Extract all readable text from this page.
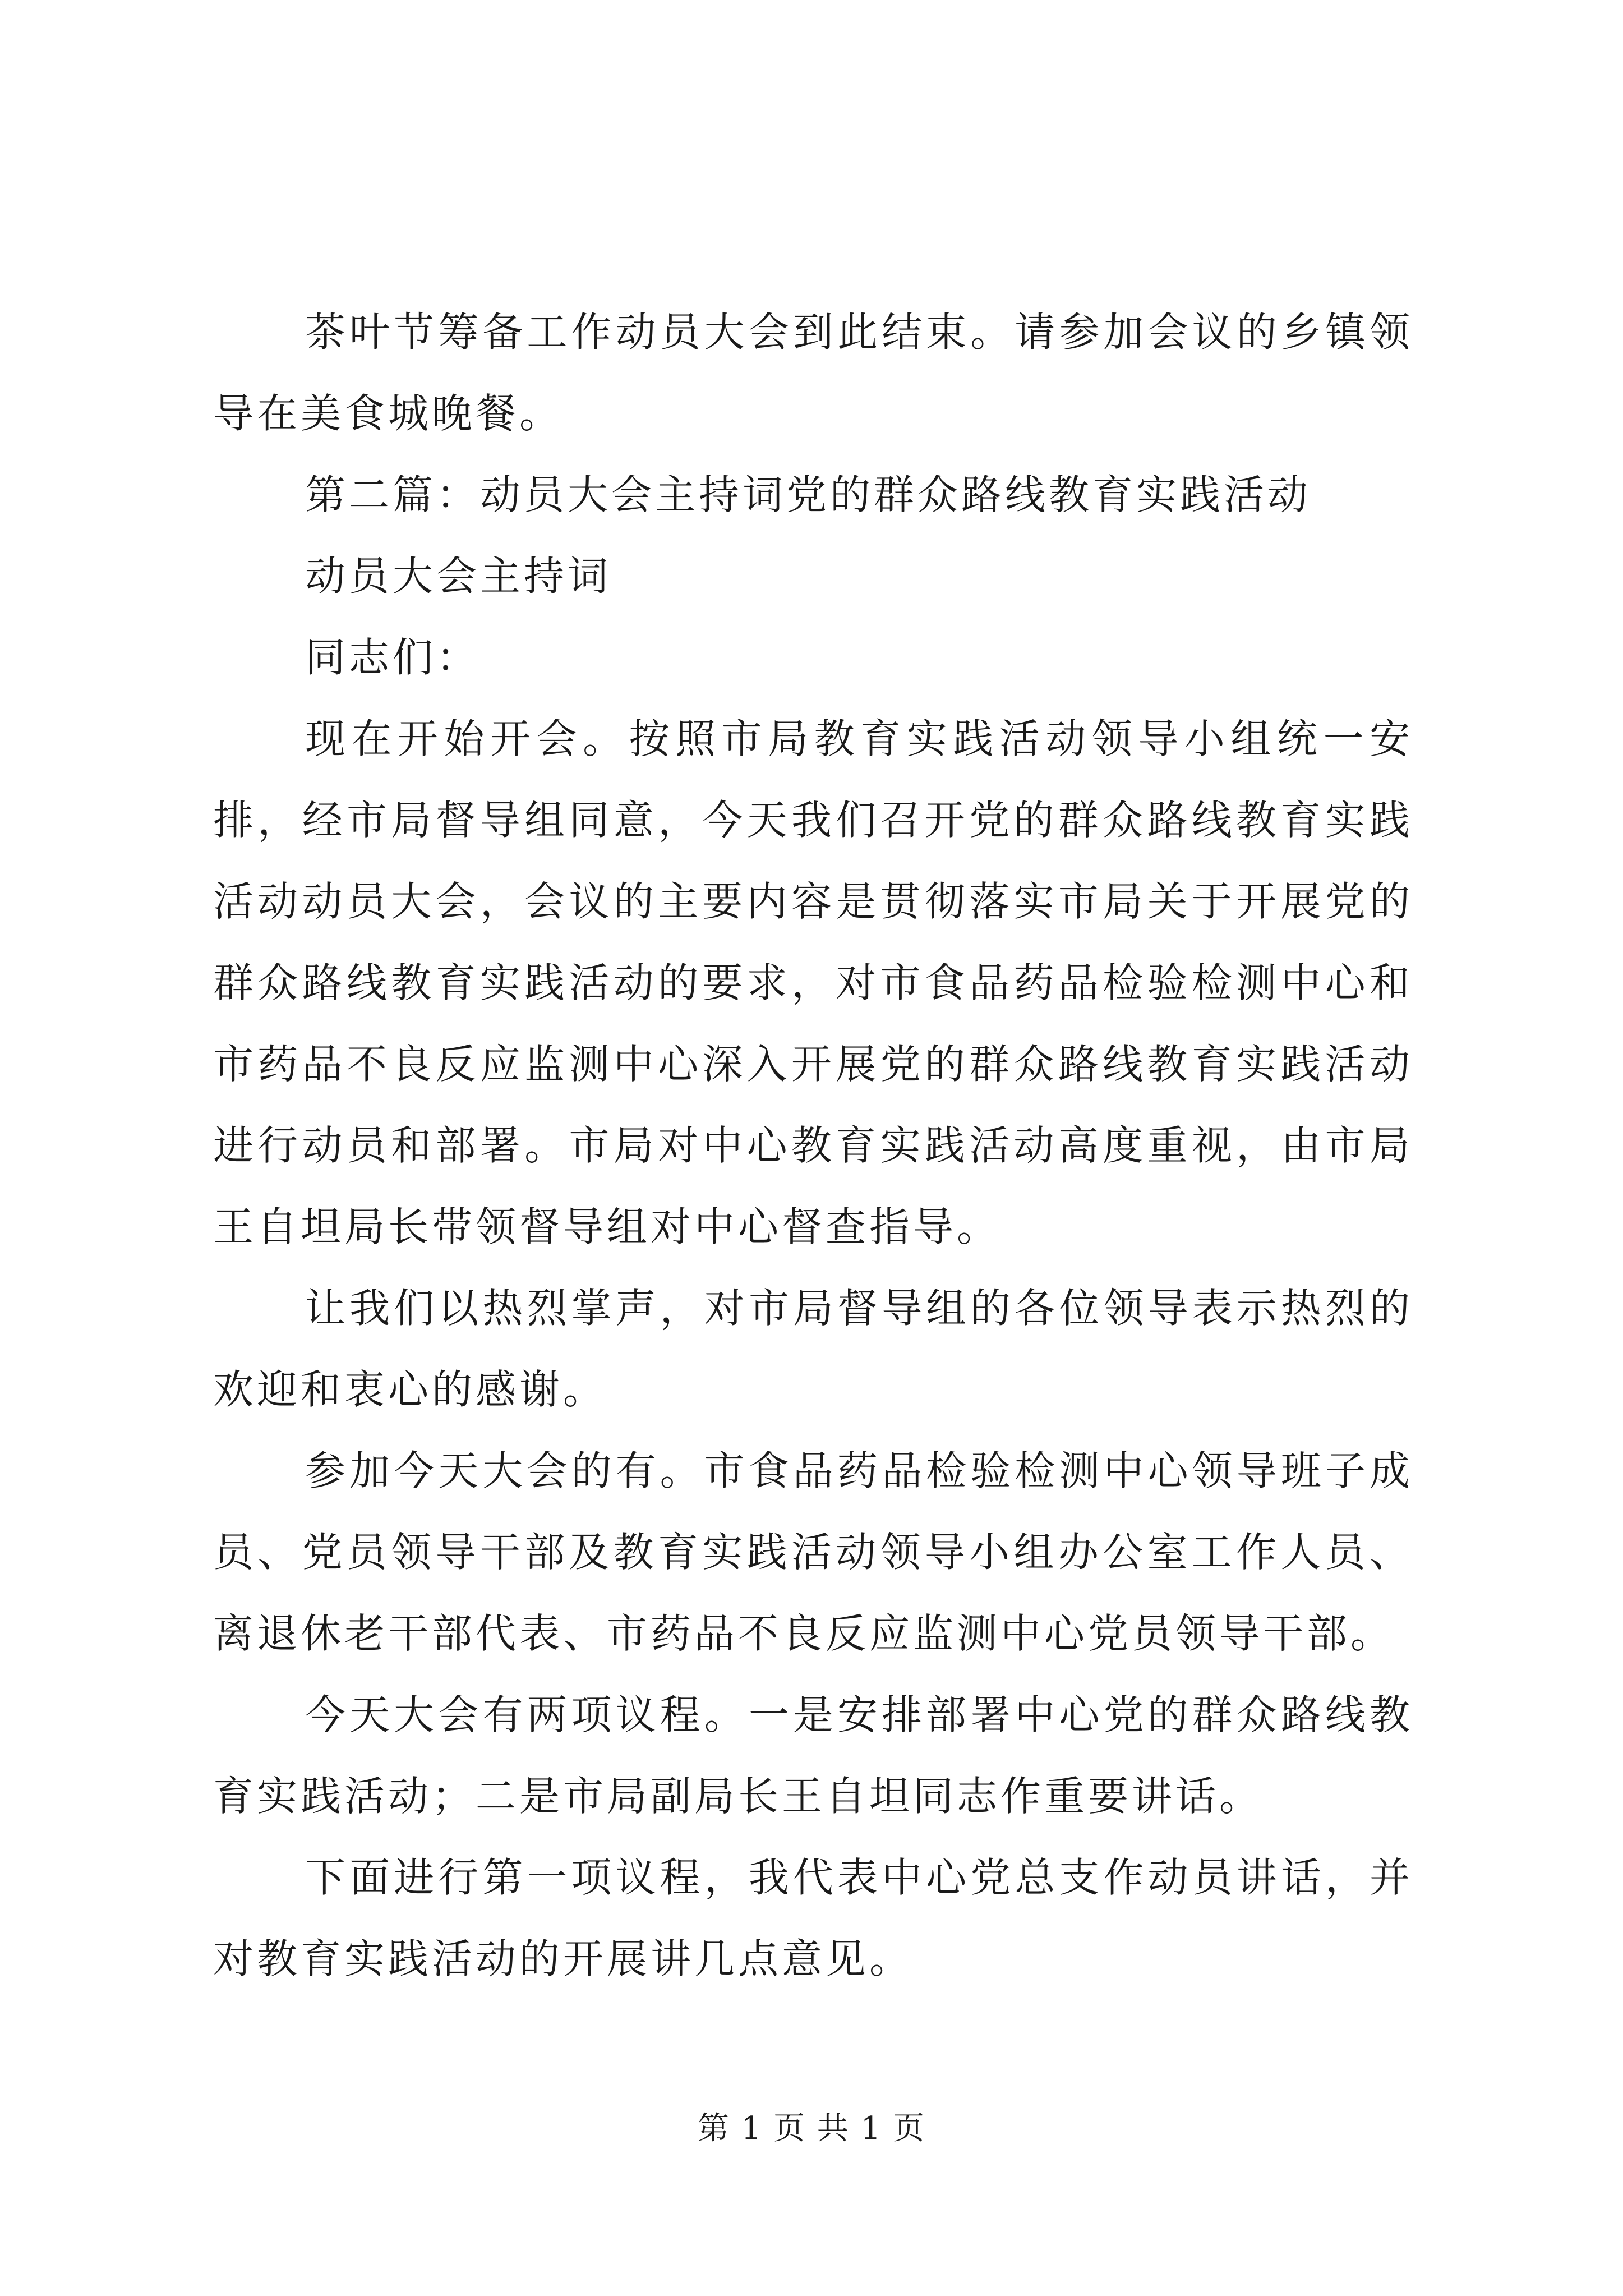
茶叶节筹备工作动员大会到此结束。请参加会议的乡镇领导在美食城晚餐。

第二篇：动员大会主持词党的群众路线教育实践活动

动员大会主持词

同志们：

现在开始开会。按照市局教育实践活动领导小组统一安排，经市局督导组同意，今天我们召开党的群众路线教育实践活动动员大会，会议的主要内容是贯彻落实市局关于开展党的群众路线教育实践活动的要求，对市食品药品检验检测中心和市药品不良反应监测中心深入开展党的群众路线教育实践活动进行动员和部署。市局对中心教育实践活动高度重视，由市局王自坦局长带领督导组对中心督查指导。

让我们以热烈掌声，对市局督导组的各位领导表示热烈的欢迎和衷心的感谢。

参加今天大会的有。市食品药品检验检测中心领导班子成员、党员领导干部及教育实践活动领导小组办公室工作人员、离退休老干部代表、市药品不良反应监测中心党员领导干部。

今天大会有两项议程。一是安排部署中心党的群众路线教育实践活动；二是市局副局长王自坦同志作重要讲话。

下面进行第一项议程，我代表中心党总支作动员讲话，并对教育实践活动的开展讲几点意见。

第 1 页 共 1 页
